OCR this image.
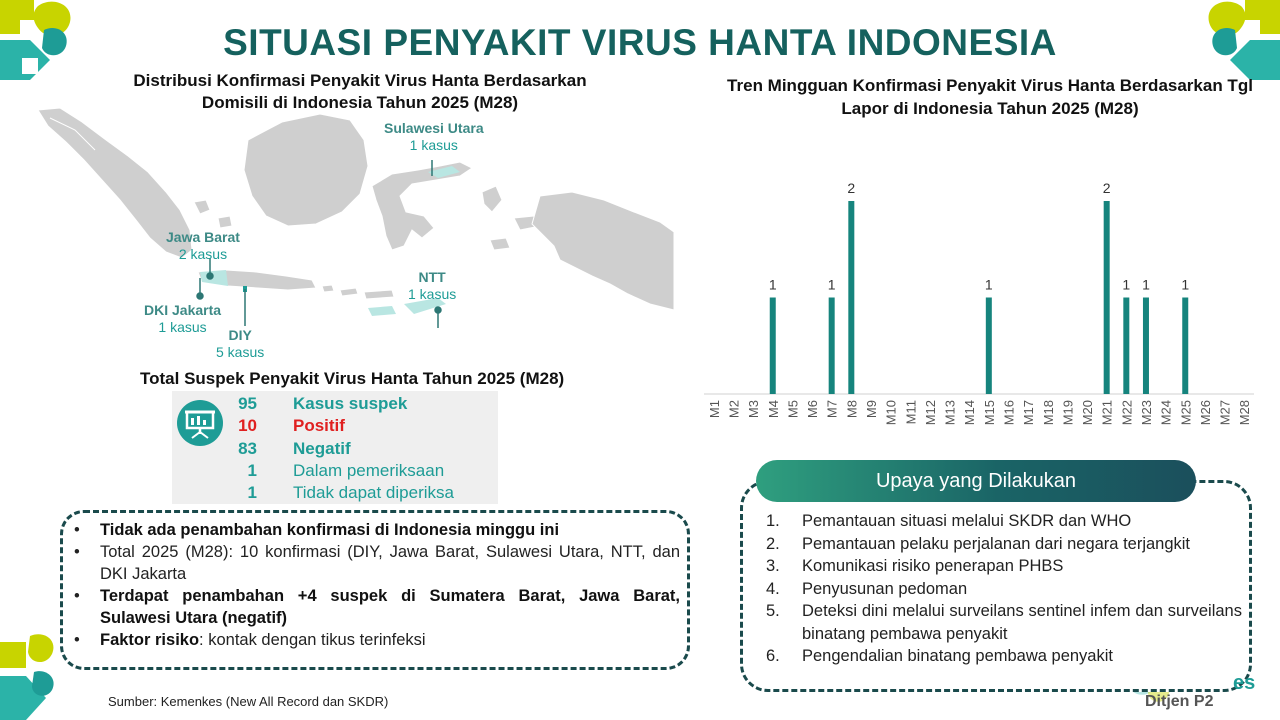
SITUASI PENYAKIT VIRUS HANTA INDONESIA
Distribusi Konfirmasi Penyakit Virus Hanta Berdasarkan
Domisili di Indonesia Tahun 2025 (M28)
Sulawesi Utara
1 kasus
Jawa Barat
2 kasus
NTT
1 kasus
DKI Jakarta
1 kasus	DIY
5 kasus
Total Suspek Penyakit Virus Hanta Tahun 2025 (M28)
95 Kasus suspek
10 Positif
83 Negatif
1 Dalam pemeriksaan
1 Tidak dapat diperiksa
• Tidak ada penambahan konfirmasi di Indonesia minggu ini
• Total 2025 (M28): 10 konfirmasi (DIY, Jawa Barat, Sulawesi Utara, NTT, dan DKI Jakarta
• Terdapat penambahan +4 suspek di Sumatera Barat, Jawa Barat, Sulawesi Utara (negatif)
• Faktor risiko: kontak dengan tikus terinfeksi
Sumber: Kemenkes (New All Record dan SKDR)
Tren Mingguan Konfirmasi Penyakit Virus Hanta Berdasarkan Tgl
Lapor di Indonesia Tahun 2025 (M28)
M1 M2 M3
1
M4 M5 M6
1
M7
2
M8 M9 M10 M11 M12 M13 M14
1
M15 M16 M17 M18 M19 M20
2
M21
1
M22
1
M23 M24
1
M25 M26 M27 M28
Upaya yang Dilakukan
1. Pemantauan situasi melalui SKDR dan WHO
2. Pemantauan pelaku perjalanan dari negara terjangkit
3. Komunikasi risiko penerapan PHBS
4. Penyusunan pedoman
5. Deteksi dini melalui surveilans sentinel infem dan surveilans binatang pembawa penyakit
6. Pengendalian binatang pembawa penyakit
es
Ditjen P2
